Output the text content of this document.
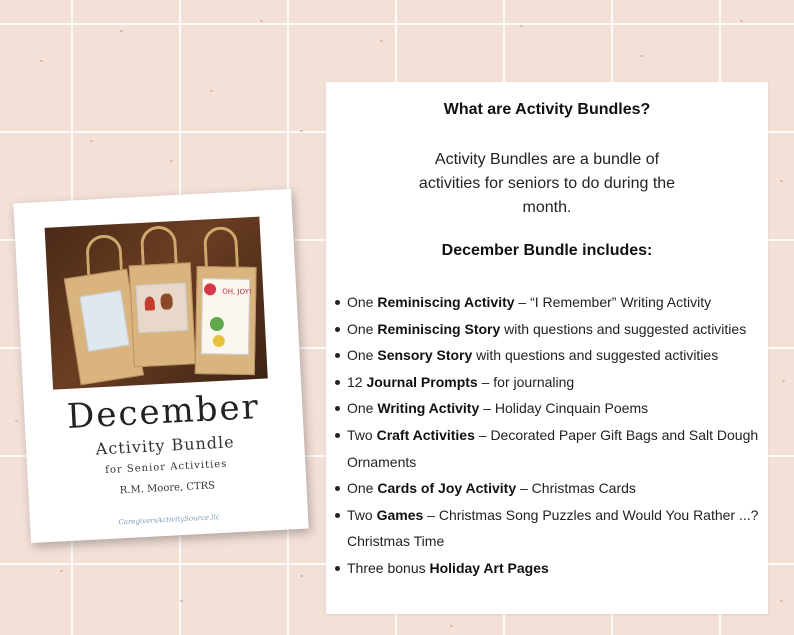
OH, JOY!
December
Activity Bundle
for Senior Activities
R.M. Moore, CTRS
CaregiversActivitySource.llc
What are Activity Bundles?
Activity Bundles are a bundle of activities for seniors to do during the month.
December Bundle includes:
One Reminiscing Activity – “I Remember” Writing Activity
One Reminiscing Story with questions and suggested activities
One Sensory Story with questions and suggested activities
12 Journal Prompts – for journaling
One Writing Activity – Holiday Cinquain Poems
Two Craft Activities – Decorated Paper Gift Bags and Salt Dough Ornaments
One Cards of Joy Activity – Christmas Cards
Two Games – Christmas Song Puzzles and Would You Rather ...? Christmas Time
Three bonus Holiday Art Pages
